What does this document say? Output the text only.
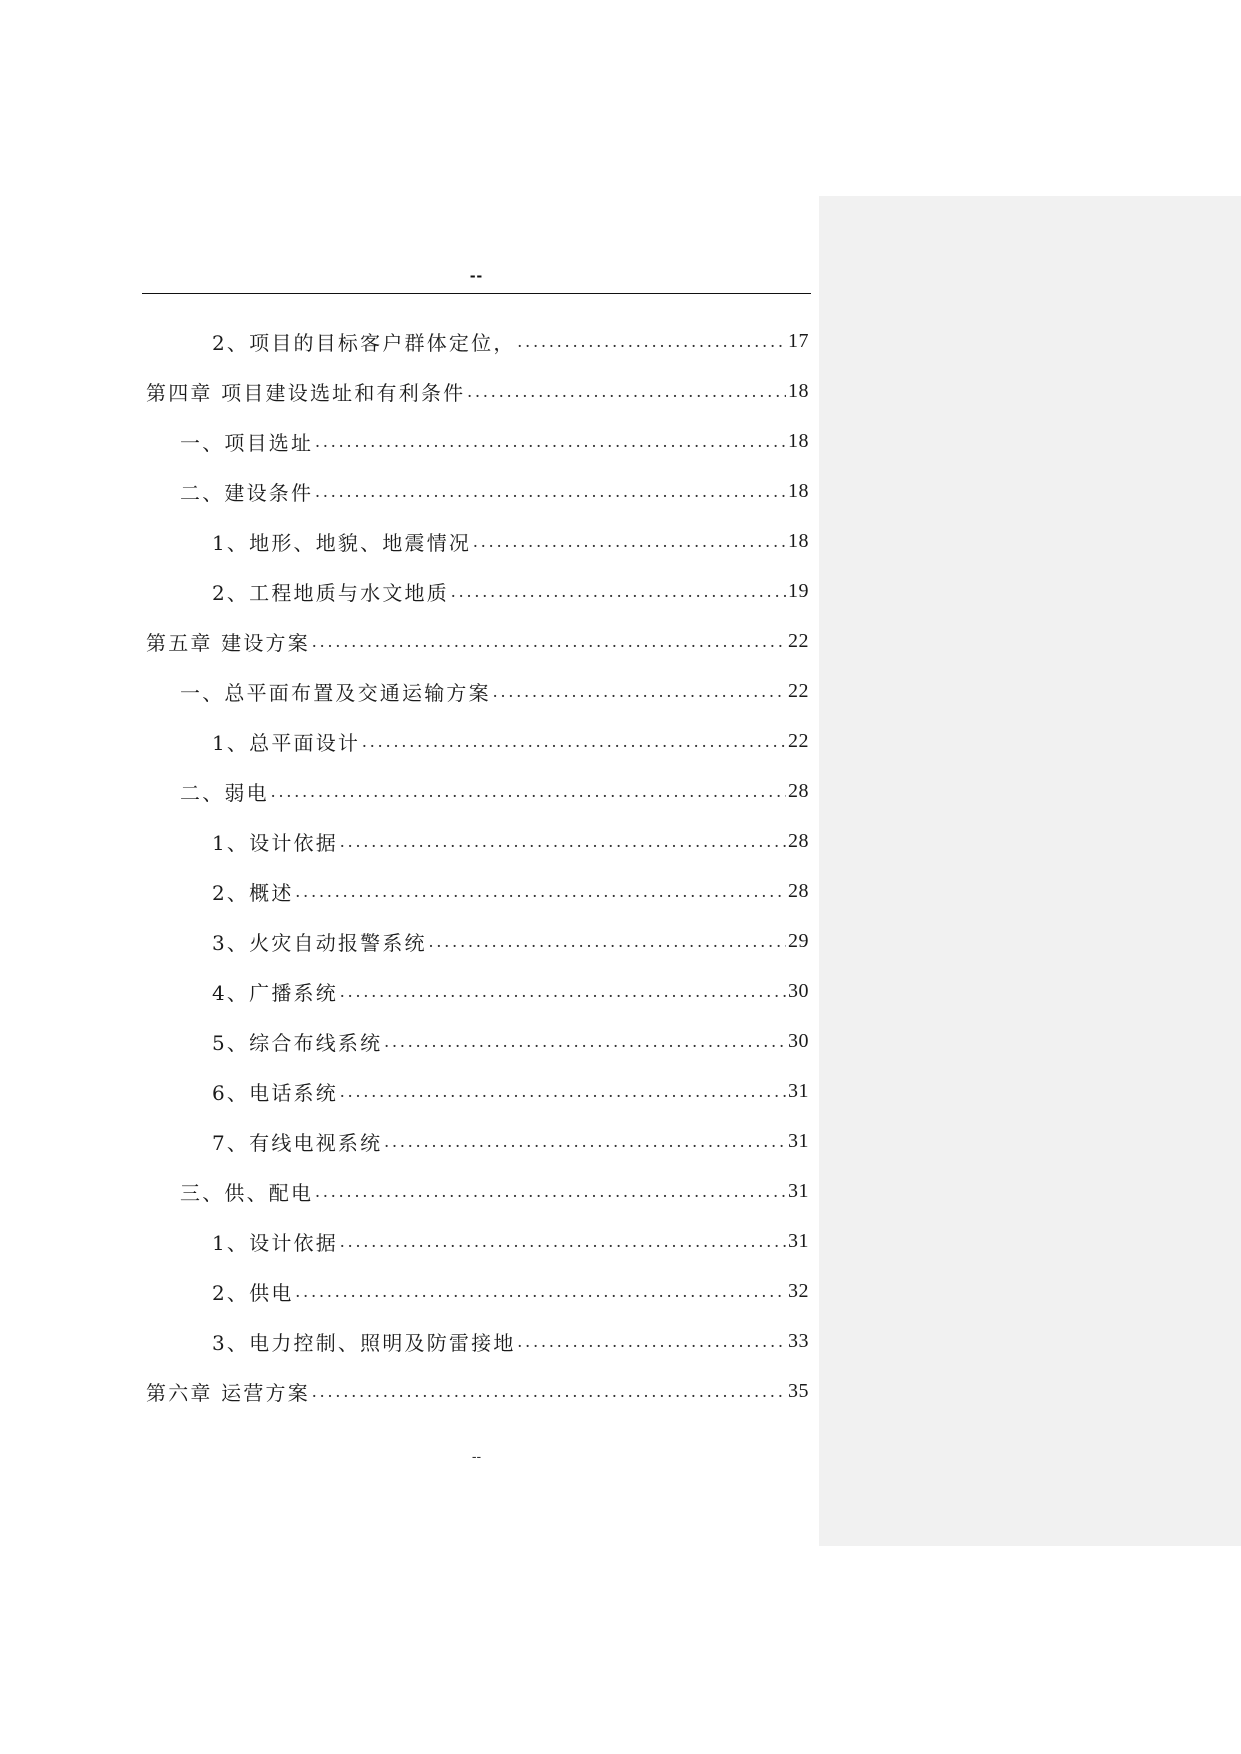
--
2、项目的目标客户群体定位， .....	17
第四章 项目建设选址和有利条件 .....	18
一、项目选址 .....	18
二、建设条件 .....	18
1、地形、地貌、地震情况 .....	18
2、工程地质与水文地质 .....	19
第五章 建设方案 .....	22
一、总平面布置及交通运输方案 .....	22
1、总平面设计 .....	22
二、弱电 .....	28
1、设计依据 .....	28
2、概述 .....	28
3、火灾自动报警系统 .....	29
4、广播系统 .....	30
5、综合布线系统 .....	30
6、电话系统 .....	31
7、有线电视系统 .....	31
三、供、配电 .....	31
1、设计依据 .....	31
2、供电 .....	32
3、电力控制、照明及防雷接地 .....	33
第六章 运营方案 .....	35
--
